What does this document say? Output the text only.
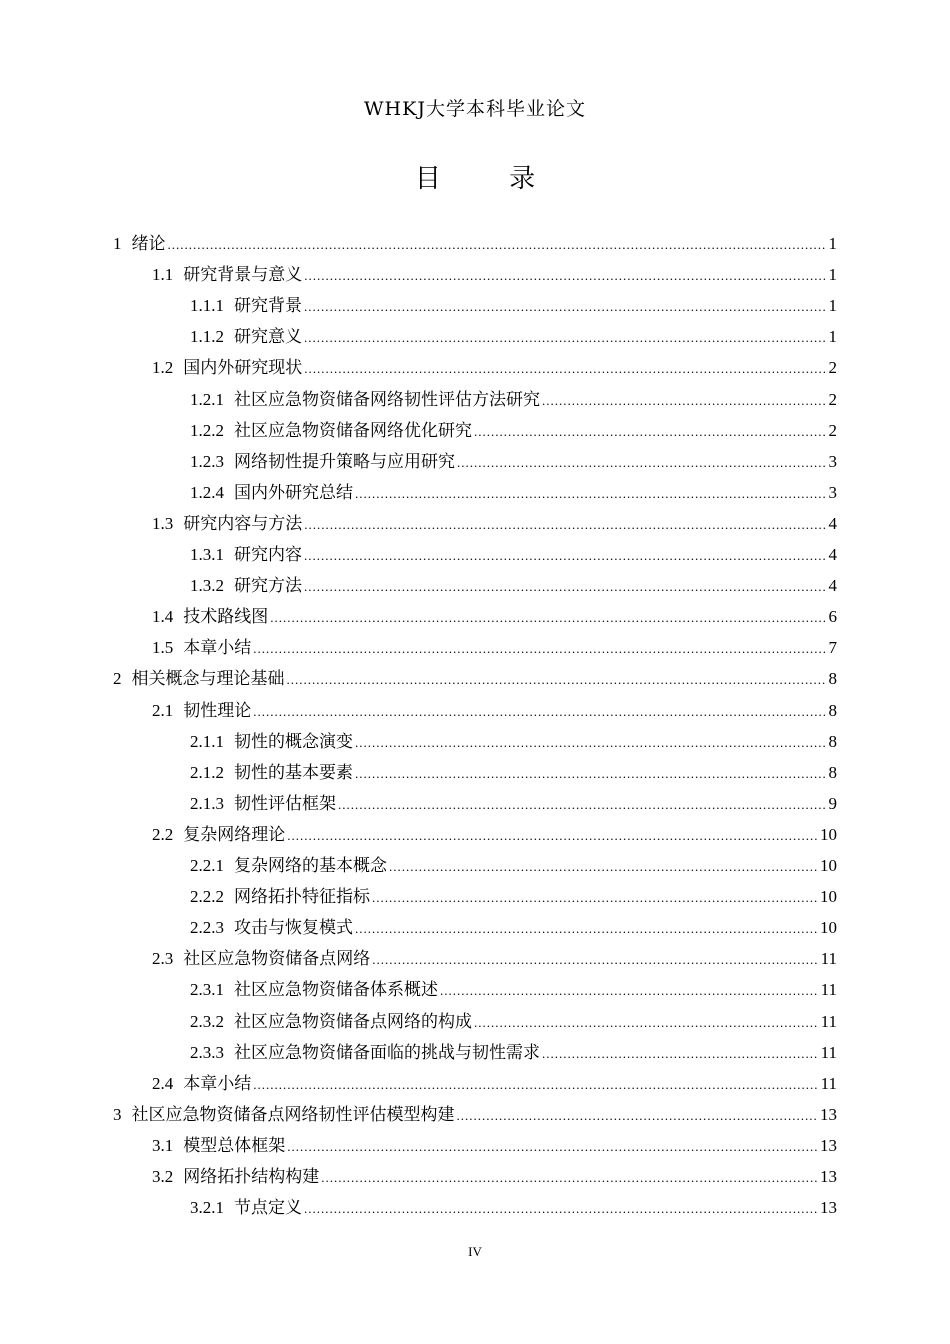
WHKJ大学本科毕业论文
目 录
1 绪论 .....	1
1.1 研究背景与意义 .....	1
1.1.1 研究背景 .....	1
1.1.2 研究意义 .....	1
1.2 国内外研究现状 .....	2
1.2.1 社区应急物资储备网络韧性评估方法研究 .....	2
1.2.2 社区应急物资储备网络优化研究 .....	2
1.2.3 网络韧性提升策略与应用研究 .....	3
1.2.4 国内外研究总结 .....	3
1.3 研究内容与方法 .....	4
1.3.1 研究内容 .....	4
1.3.2 研究方法 .....	4
1.4 技术路线图 .....	6
1.5 本章小结 .....	7
2 相关概念与理论基础 .....	8
2.1 韧性理论 .....	8
2.1.1 韧性的概念演变 .....	8
2.1.2 韧性的基本要素 .....	8
2.1.3 韧性评估框架 .....	9
2.2 复杂网络理论 .....	10
2.2.1 复杂网络的基本概念 .....	10
2.2.2 网络拓扑特征指标 .....	10
2.2.3 攻击与恢复模式 .....	10
2.3 社区应急物资储备点网络 .....	11
2.3.1 社区应急物资储备体系概述 .....	11
2.3.2 社区应急物资储备点网络的构成 .....	11
2.3.3 社区应急物资储备面临的挑战与韧性需求 .....	11
2.4 本章小结 .....	11
3 社区应急物资储备点网络韧性评估模型构建 .....	13
3.1 模型总体框架 .....	13
3.2 网络拓扑结构构建 .....	13
3.2.1 节点定义 .....	13
IV
